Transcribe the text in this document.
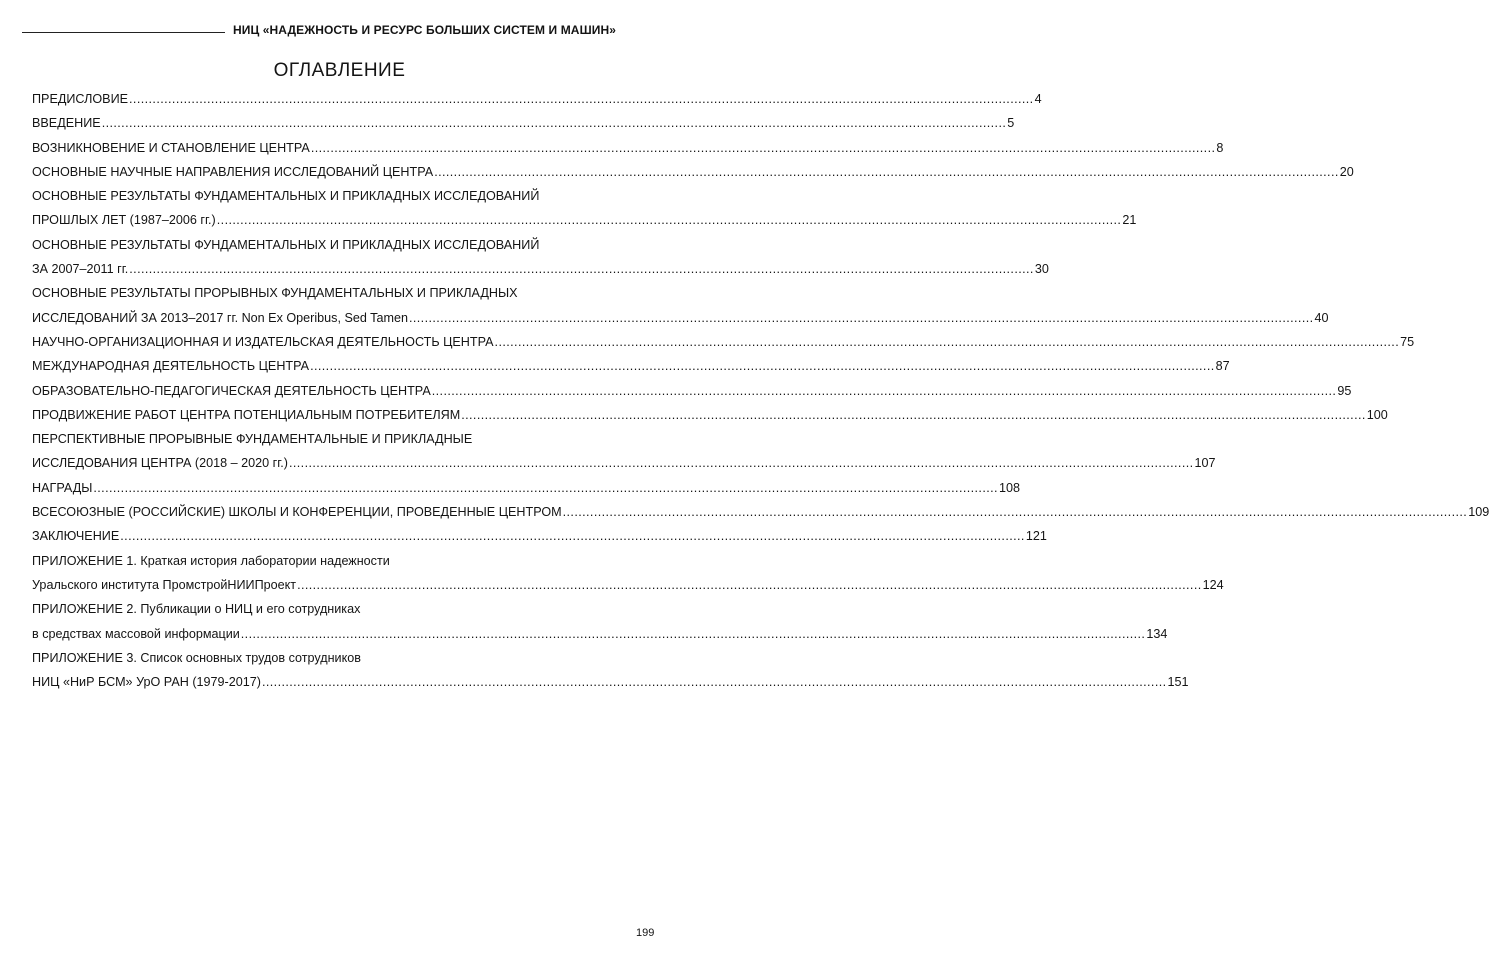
НИЦ «НАДЕЖНОСТЬ И РЕСУРС БОЛЬШИХ СИСТЕМ И МАШИН»
ОГЛАВЛЕНИЕ
ПРЕДИСЛОВИЕ .....	4
ВВЕДЕНИЕ .....	5
ВОЗНИКНОВЕНИЕ И СТАНОВЛЕНИЕ ЦЕНТРА .....	8
ОСНОВНЫЕ НАУЧНЫЕ НАПРАВЛЕНИЯ ИССЛЕДОВАНИЙ ЦЕНТРА .....	20
ОСНОВНЫЕ РЕЗУЛЬТАТЫ ФУНДАМЕНТАЛЬНЫХ И ПРИКЛАДНЫХ ИССЛЕДОВАНИЙ
ПРОШЛЫХ ЛЕТ (1987–2006 гг.) .....	21
ОСНОВНЫЕ РЕЗУЛЬТАТЫ ФУНДАМЕНТАЛЬНЫХ И ПРИКЛАДНЫХ ИССЛЕДОВАНИЙ
ЗА 2007–2011 гг. .....	30
ОСНОВНЫЕ РЕЗУЛЬТАТЫ ПРОРЫВНЫХ ФУНДАМЕНТАЛЬНЫХ И ПРИКЛАДНЫХ
ИССЛЕДОВАНИЙ ЗА 2013–2017 гг. Non Ex Operibus, Sed Tamen .....	40
НАУЧНО-ОРГАНИЗАЦИОННАЯ И ИЗДАТЕЛЬСКАЯ ДЕЯТЕЛЬНОСТЬ ЦЕНТРА .....	75
МЕЖДУНАРОДНАЯ ДЕЯТЕЛЬНОСТЬ ЦЕНТРА .....	87
ОБРАЗОВАТЕЛЬНО-ПЕДАГОГИЧЕСКАЯ ДЕЯТЕЛЬНОСТЬ ЦЕНТРА .....	95
ПРОДВИЖЕНИЕ РАБОТ ЦЕНТРА ПОТЕНЦИАЛЬНЫМ ПОТРЕБИТЕЛЯМ .....	100
ПЕРСПЕКТИВНЫЕ ПРОРЫВНЫЕ ФУНДАМЕНТАЛЬНЫЕ И ПРИКЛАДНЫЕ
ИССЛЕДОВАНИЯ ЦЕНТРА (2018 – 2020 гг.) .....	107
НАГРАДЫ .....	108
ВСЕСОЮЗНЫЕ (РОССИЙСКИЕ) ШКОЛЫ И КОНФЕРЕНЦИИ, ПРОВЕДЕННЫЕ ЦЕНТРОМ .....	109
ЗАКЛЮЧЕНИЕ .....	121
ПРИЛОЖЕНИЕ 1. Краткая история лаборатории надежности
Уральского института ПромстройНИИПроект .....	124
ПРИЛОЖЕНИЕ 2. Публикации о НИЦ и его сотрудниках
в средствах массовой информации .....	134
ПРИЛОЖЕНИЕ 3. Список основных трудов сотрудников
НИЦ «НиР БСМ» УрО РАН (1979-2017) .....	151
199
